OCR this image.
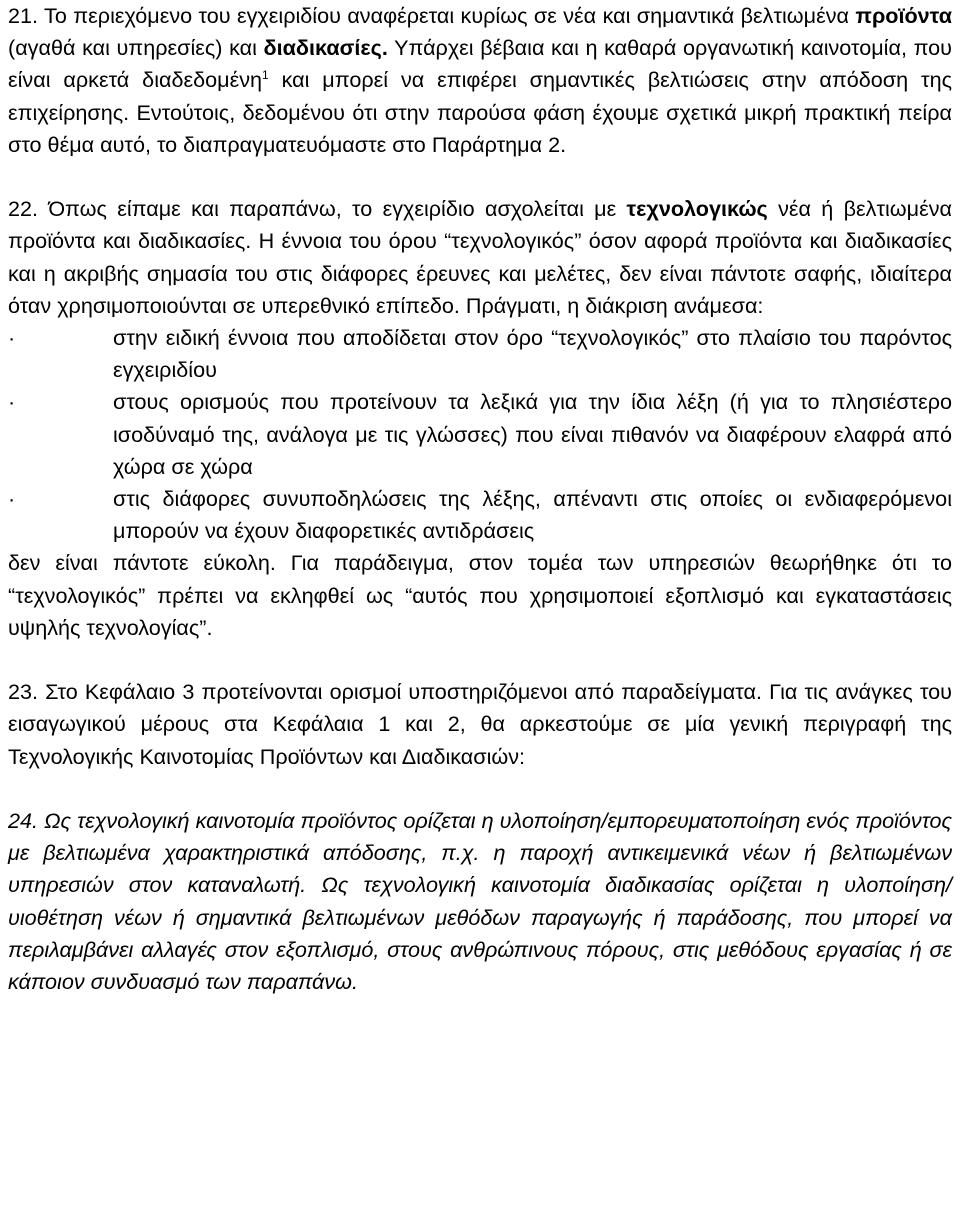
21. Το περιεχόμενο του εγχειριδίου αναφέρεται κυρίως σε νέα και σημαντικά βελτιωμένα προϊόντα (αγαθά και υπηρεσίες) και διαδικασίες. Υπάρχει βέβαια και η καθαρά οργανωτική καινοτομία, που είναι αρκετά διαδεδομένη$^1$ και μπορεί να επιφέρει σημαντικές βελτιώσεις στην απόδοση της επιχείρησης. Εντούτοις, δεδομένου ότι στην παρούσα φάση έχουμε σχετικά μικρή πρακτική πείρα στο θέμα αυτό, το διαπραγματευόμαστε στο Παράρτημα 2.

22. Όπως είπαμε και παραπάνω, το εγχειρίδιο ασχολείται με τεχνολογικώς νέα ή βελτιωμένα προϊόντα και διαδικασίες. Η έννοια του όρου “τεχνολογικός” όσον αφορά προϊόντα και διαδικασίες και η ακριβής σημασία του στις διάφορες έρευνες και μελέτες, δεν είναι πάντοτε σαφής, ιδιαίτερα όταν χρησιμοποιούνται σε υπερεθνικό επίπεδο. Πράγματι, η διάκριση ανάμεσα:

·	στην ειδική έννοια που αποδίδεται στον όρο “τεχνολογικός” στο πλαίσιο του παρόντος εγχειριδίου
·	στους ορισμούς που προτείνουν τα λεξικά για την ίδια λέξη (ή για το πλησιέστερο ισοδύναμό της, ανάλογα με τις γλώσσες) που είναι πιθανόν να διαφέρουν ελαφρά από χώρα σε χώρα
·	στις διάφορες συνυποδηλώσεις της λέξης, απέναντι στις οποίες οι ενδιαφερόμενοι μπορούν να έχουν διαφορετικές αντιδράσεις

δεν είναι πάντοτε εύκολη. Για παράδειγμα, στον τομέα των υπηρεσιών θεωρήθηκε ότι το “τεχνολογικός” πρέπει να εκληφθεί ως “αυτός που χρησιμοποιεί εξοπλισμό και εγκαταστάσεις υψηλής τεχνολογίας”.

23. Στο Κεφάλαιο 3 προτείνονται ορισμοί υποστηριζόμενοι από παραδείγματα. Για τις ανάγκες του εισαγωγικού μέρους στα Κεφάλαια 1 και 2, θα αρκεστούμε σε μία γενική περιγραφή της Τεχνολογικής Καινοτομίας Προϊόντων και Διαδικασιών:

24. Ως τεχνολογική καινοτομία προϊόντος ορίζεται η υλοποίηση/εμπορευματοποίηση ενός προϊόντος με βελτιωμένα χαρακτηριστικά απόδοσης, π.χ. η παροχή αντικειμενικά νέων ή βελτιωμένων υπηρεσιών στον καταναλωτή. Ως τεχνολογική καινοτομία διαδικασίας ορίζεται η υλοποίηση/υιοθέτηση νέων ή σημαντικά βελτιωμένων μεθόδων παραγωγής ή παράδοσης, που μπορεί να περιλαμβάνει αλλαγές στον εξοπλισμό, στους ανθρώπινους πόρους, στις μεθόδους εργασίας ή σε κάποιον συνδυασμό των παραπάνω.
